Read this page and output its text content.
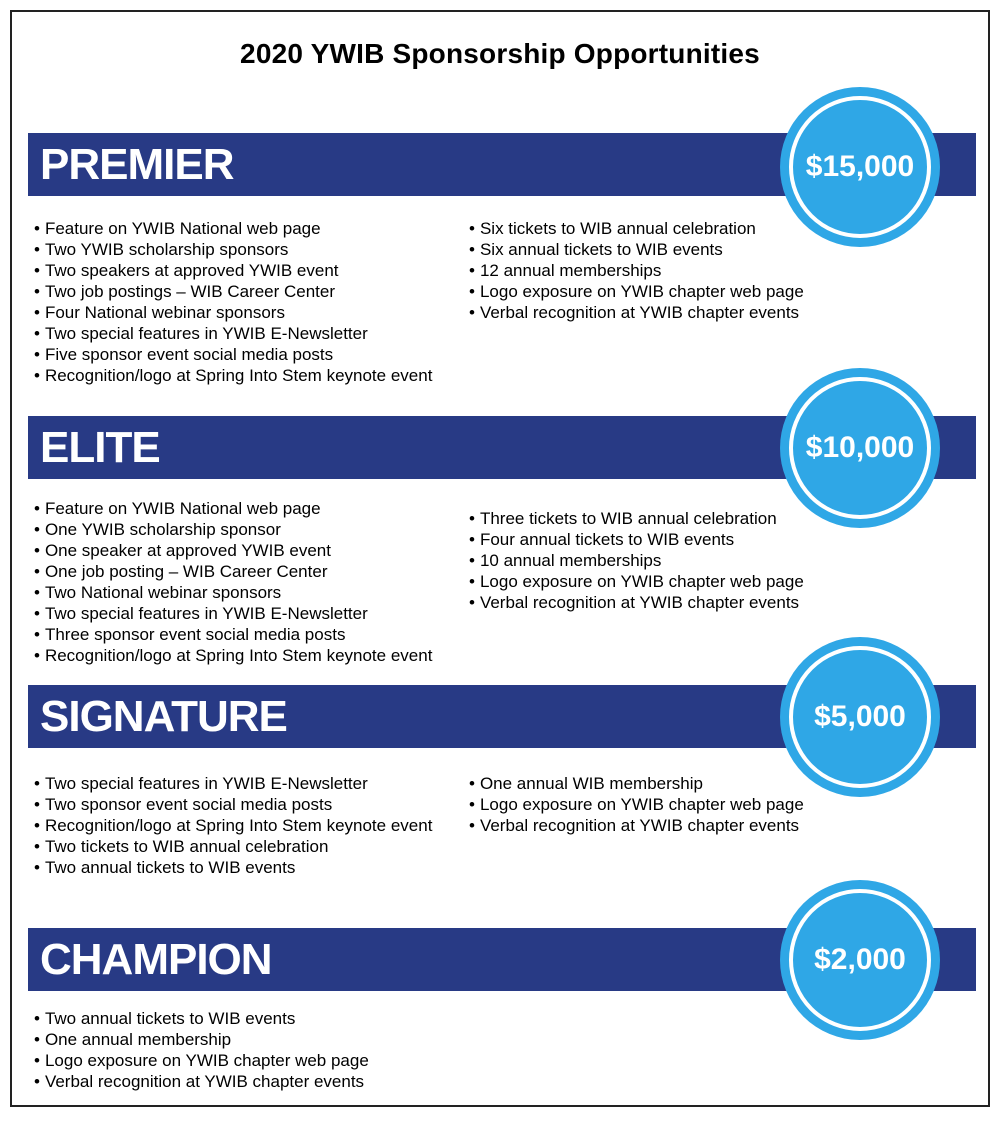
2020 YWIB Sponsorship Opportunities
PREMIER	$15,000
• Feature on YWIB National web page
• Two YWIB scholarship sponsors
• Two speakers at approved YWIB event
• Two job postings – WIB Career Center
• Four National webinar sponsors
• Two special features in YWIB E-Newsletter
• Five sponsor event social media posts
• Recognition/logo at Spring Into Stem keynote event
• Six tickets to WIB annual celebration
• Six annual tickets to WIB events
• 12 annual memberships
• Logo exposure on YWIB chapter web page
• Verbal recognition at YWIB chapter events
ELITE	$10,000
• Feature on YWIB National web page
• One YWIB scholarship sponsor
• One speaker at approved YWIB event
• One job posting – WIB Career Center
• Two National webinar sponsors
• Two special features in YWIB E-Newsletter
• Three sponsor event social media posts
• Recognition/logo at Spring Into Stem keynote event
• Three tickets to WIB annual celebration
• Four annual tickets to WIB events
• 10 annual memberships
• Logo exposure on YWIB chapter web page
• Verbal recognition at YWIB chapter events
SIGNATURE	$5,000
• Two special features in YWIB E-Newsletter
• Two sponsor event social media posts
• Recognition/logo at Spring Into Stem keynote event
• Two tickets to WIB annual celebration
• Two annual tickets to WIB events
• One annual WIB membership
• Logo exposure on YWIB chapter web page
• Verbal recognition at YWIB chapter events
CHAMPION	$2,000
• Two annual tickets to WIB events
• One annual membership
• Logo exposure on YWIB chapter web page
• Verbal recognition at YWIB chapter events
